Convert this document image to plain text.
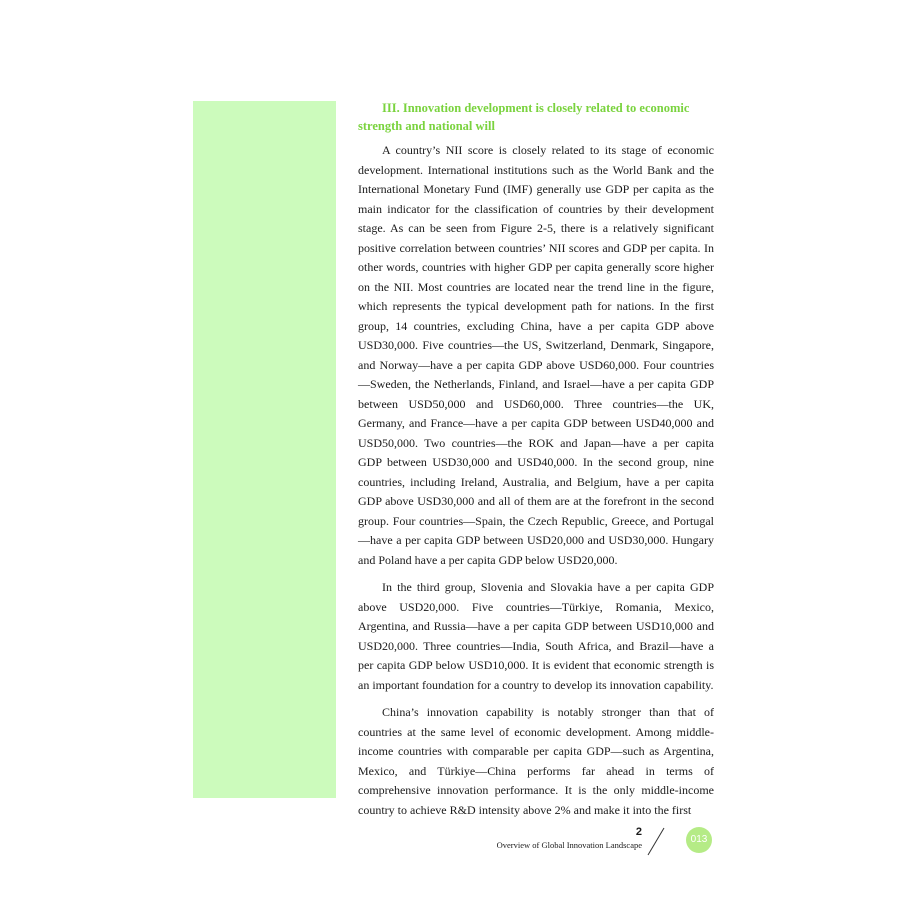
III. Innovation development is closely related to economic strength and national will

A country’s NII score is closely related to its stage of economic development. International institutions such as the World Bank and the International Monetary Fund (IMF) generally use GDP per capita as the main indicator for the classification of countries by their development stage. As can be seen from Figure 2-5, there is a relatively significant positive correlation between countries’ NII scores and GDP per capita. In other words, countries with higher GDP per capita generally score higher on the NII. Most countries are located near the trend line in the figure, which represents the typical development path for nations. In the first group, 14 countries, excluding China, have a per capita GDP above USD30,000. Five countries—the US, Switzerland, Denmark, Singapore, and Norway—have a per capita GDP above USD60,000. Four countries—Sweden, the Netherlands, Finland, and Israel—have a per capita GDP between USD50,000 and USD60,000. Three countries—the UK, Germany, and France—have a per capita GDP between USD40,000 and USD50,000. Two countries—the ROK and Japan—have a per capita GDP between USD30,000 and USD40,000. In the second group, nine countries, including Ireland, Australia, and Belgium, have a per capita GDP above USD30,000 and all of them are at the forefront in the second group. Four countries—Spain, the Czech Republic, Greece, and Portugal—have a per capita GDP between USD20,000 and USD30,000. Hungary and Poland have a per capita GDP below USD20,000.

In the third group, Slovenia and Slovakia have a per capita GDP above USD20,000. Five countries—Türkiye, Romania, Mexico, Argentina, and Russia—have a per capita GDP between USD10,000 and USD20,000. Three countries—India, South Africa, and Brazil—have a per capita GDP below USD10,000. It is evident that economic strength is an important foundation for a country to develop its innovation capability.

China’s innovation capability is notably stronger than that of countries at the same level of economic development. Among middle-income countries with comparable per capita GDP—such as Argentina, Mexico, and Türkiye—China performs far ahead in terms of comprehensive innovation performance. It is the only middle-income country to achieve R&D intensity above 2% and make it into the first

2
Overview of Global Innovation Landscape	013
